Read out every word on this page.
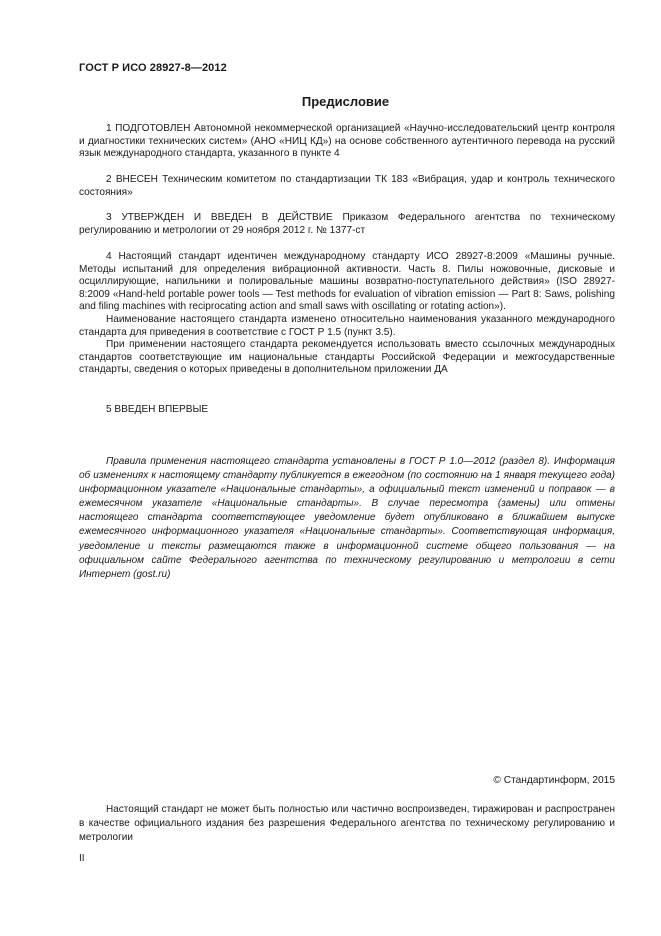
ГОСТ Р ИСО 28927-8—2012
Предисловие

1 ПОДГОТОВЛЕН Автономной некоммерческой организацией «Научно-исследовательский центр контроля и диагностики технических систем» (АНО «НИЦ КД») на основе собственного аутентичного перевода на русский язык международного стандарта, указанного в пункте 4

2 ВНЕСЕН Техническим комитетом по стандартизации ТК 183 «Вибрация, удар и контроль технического состояния»

3 УТВЕРЖДЕН И ВВЕДЕН В ДЕЙСТВИЕ Приказом Федерального агентства по техническому регулированию и метрологии от 29 ноября 2012 г. № 1377-ст

4 Настоящий стандарт идентичен международному стандарту ИСО 28927-8:2009 «Машины ручные. Методы испытаний для определения вибрационной активности. Часть 8. Пилы ножовочные, дисковые и осциллирующие, напильники и полировальные машины возвратно-поступательного действия» (ISO 28927-8:2009 «Hand-held portable power tools — Test methods for evaluation of vibration emission — Part 8: Saws, polishing and filing machines with reciprocating action and small saws with oscillating or rotating action»).

Наименование настоящего стандарта изменено относительно наименования указанного международного стандарта для приведения в соответствие с ГОСТ Р 1.5 (пункт 3.5).

При применении настоящего стандарта рекомендуется использовать вместо ссылочных международных стандартов соответствующие им национальные стандарты Российской Федерации и межгосударственные стандарты, сведения о которых приведены в дополнительном приложении ДА

5 ВВЕДЕН ВПЕРВЫЕ

Правила применения настоящего стандарта установлены в ГОСТ Р 1.0—2012 (раздел 8). Информация об изменениях к настоящему стандарту публикуется в ежегодном (по состоянию на 1 января текущего года) информационном указателе «Национальные стандарты», а официальный текст изменений и поправок — в ежемесячном указателе «Национальные стандарты». В случае пересмотра (замены) или отмены настоящего стандарта соответствующее уведомление будет опубликовано в ближайшем выпуске ежемесячного информационного указателя «Национальные стандарты». Соответствующая информация, уведомление и тексты размещаются также в информационной системе общего пользования — на официальном сайте Федерального агентства по техническому регулированию и метрологии в сети Интернет (gost.ru)

© Стандартинформ, 2015

Настоящий стандарт не может быть полностью или частично воспроизведен, тиражирован и распространен в качестве официального издания без разрешения Федерального агентства по техническому регулированию и метрологии

II
